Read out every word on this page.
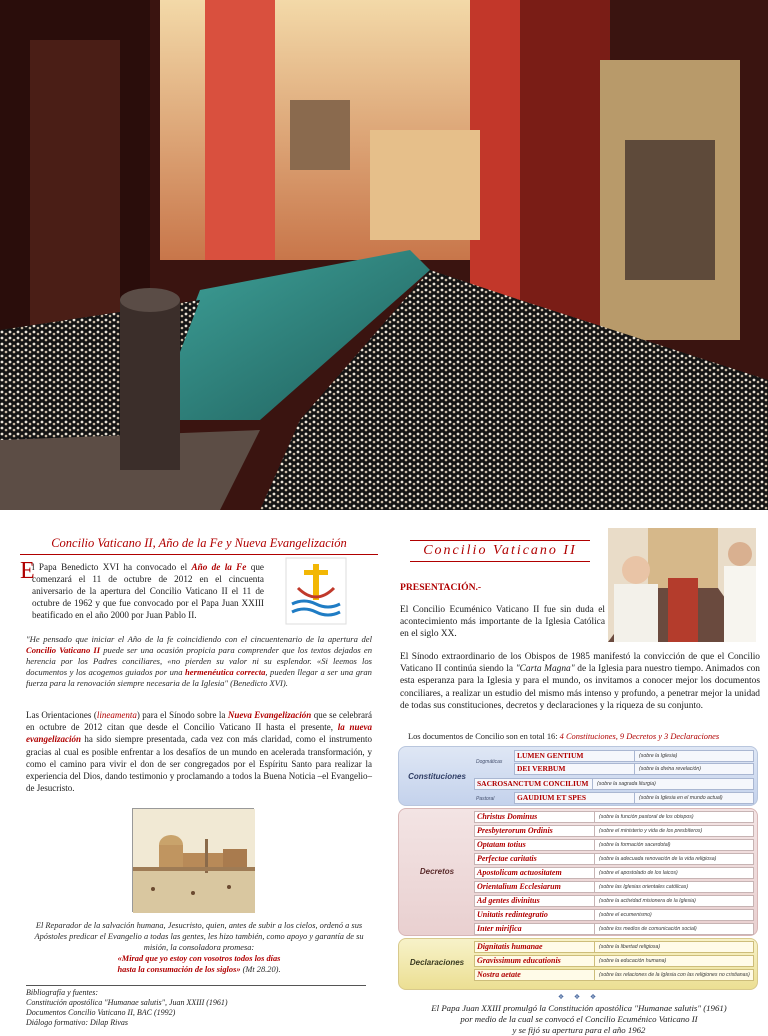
Concilio Vaticano II, Año de la Fe y Nueva Evangelización
E

l Papa Benedicto XVI ha convocado el Año de la Fe que comenzará el 11 de octubre de 2012 en el cincuenta aniversario de la apertura del Concilio Vaticano II el 11 de octubre de 1962 y que fue convocado por el Papa Juan XXIII beatificado en el año 2000 por Juan Pablo II.

"He pensado que iniciar el Año de la fe coincidiendo con el cincuentenario de la apertura del Concilio Vaticano II puede ser una ocasión propicia para comprender que los textos dejados en herencia por los Padres conciliares, «no pierden su valor ni su esplendor. «Si leemos los documentos y los acogemos guiados por una hermenéutica correcta, pueden llegar a ser una gran fuerza para la renovación siempre necesaria de la Iglesia" (Benedicto XVI).

Las Orientaciones (lineamenta) para el Sínodo sobre la Nueva Evangelización que se celebrará en octubre de 2012 citan que desde el Concilio Vaticano II hasta el presente, la nueva evangelización ha sido siempre presentada, cada vez con más claridad, como el instrumento gracias al cual es posible enfrentar a los desafíos de un mundo en acelerada transformación, y como el camino para vivir el don de ser congregados por el Espíritu Santo para realizar la experiencia del Dios, dando testimonio y proclamando a todos la Buena Noticia –el Evangelio– de Jesucristo.

El Reparador de la salvación humana, Jesucristo, quien, antes de subir a los cielos, ordenó a sus Apóstoles predicar el Evangelio a todas las gentes, les hizo también, como apoyo y garantía de su misión, la consoladora promesa:
«Mirad que yo estoy con vosotros todos los días
hasta la consumación de los siglos» (Mt 28.20).

Bibliografía y fuentes:
Constitución apostólica "Humanae salutis", Juan XXIII (1961)
Documentos Concilio Vaticano II, BAC (1992)
Diálogo formativo: Dilap Rivas
Concilio Vaticano II
PRESENTACIÓN.-

El Concilio Ecuménico Vaticano II fue sin duda el acontecimiento más importante de la Iglesia Católica en el siglo XX.

El Sínodo extraordinario de los Obispos de 1985 manifestó la convicción de que el Concilio Vaticano II continúa siendo la "Carta Magna" de la Iglesia para nuestro tiempo. Animados con esta esperanza para la Iglesia y para el mundo, os invitamos a conocer mejor los documentos conciliares, a realizar un estudio del mismo más intenso y profundo, a penetrar mejor la unidad de todas sus constituciones, decretos y declaraciones y la riqueza de su conjunto.

Los documentos de Concilio son en total 16: 4 Constituciones, 9 Decretos y 3 Declaraciones
Constituciones
Dogmáticas
Pastoral
LUMEN GENTIUM	(sobre la Iglesia)
DEI VERBUM	(sobre la divina revelación)
SACROSANCTUM CONCILIUM	(sobre la sagrada liturgia)
GAUDIUM ET SPES	(sobre la Iglesia en el mundo actual)
Decretos
Christus Dominus	(sobre la función pastoral de los obispos)
Presbyterorum Ordinis	(sobre el ministerio y vida de los presbíteros)
Optatam totius	(sobre la formación sacerdotal)
Perfectae caritatis	(sobre la adecuada renovación de la vida religiosa)
Apostolicam actuositatem	(sobre el apostolado de los laicos)
Orientalium Ecclesiarum	(sobre las Iglesias orientales católicas)
Ad gentes divinitus	(sobre la actividad misionera de la Iglesia)
Unitatis redintegratio	(sobre el ecumenismo)
Inter mirifica	(sobre los medios de comunicación social)
Declaraciones
Dignitatis humanae	(sobre la libertad religiosa)
Gravissimum educationis	(sobre la educación humana)
Nostra aetate	(sobre las relaciones de la Iglesia con las religiones no cristianas)
❖ ❖ ❖
El Papa Juan XXIII promulgó la Constitución apostólica "Humanae salutis" (1961)
por medio de la cual se convocó el Concilio Ecuménico Vaticano II
y se fijó su apertura para el año 1962
